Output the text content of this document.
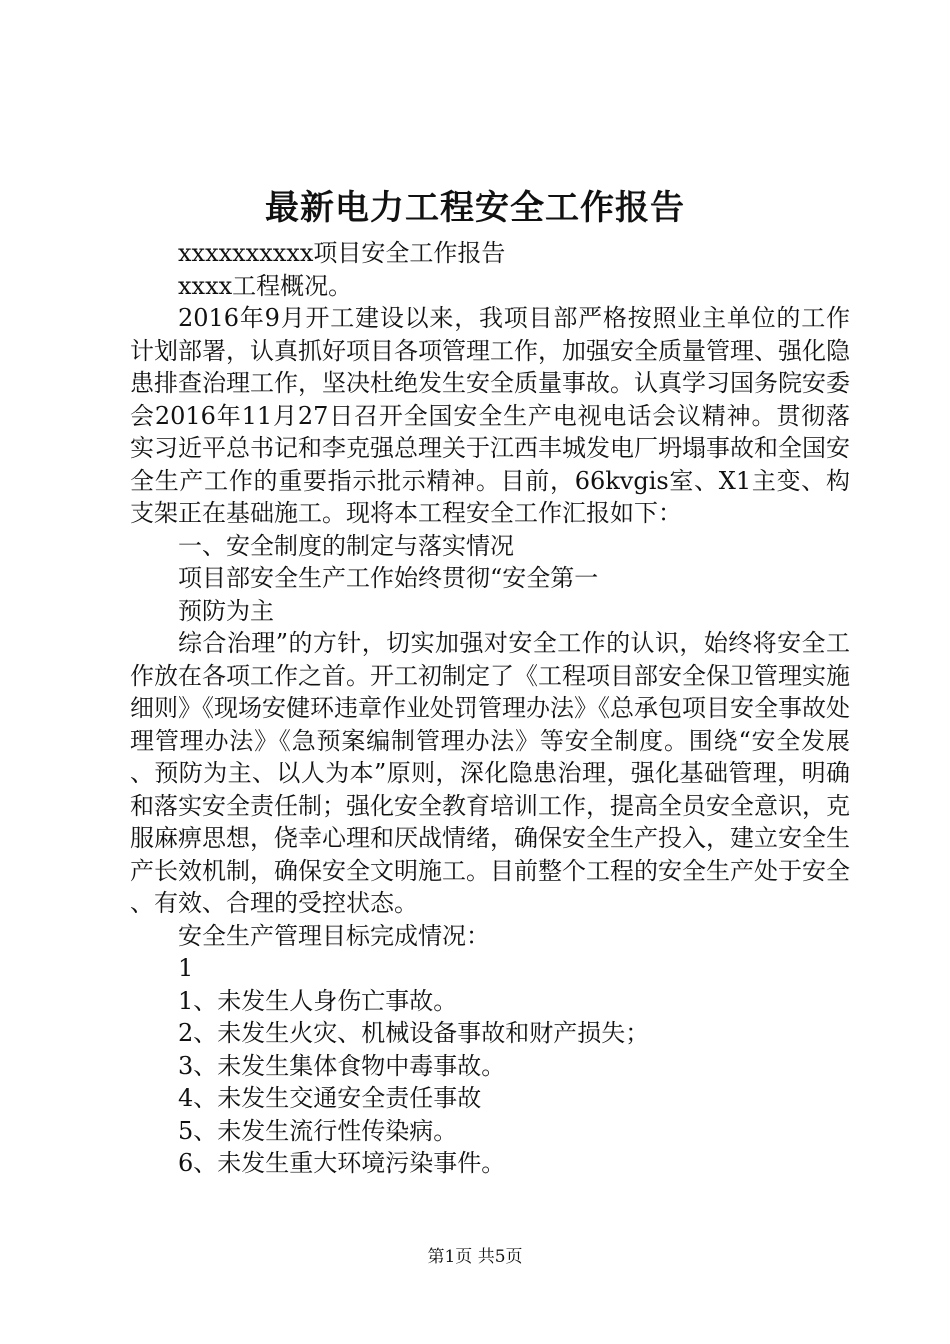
最新电力工程安全工作报告

xxxxxxxxxx项目安全工作报告

xxxx工程概况。

2016年9月开工建设以来，我项目部严格按照业主单位的工作计划部署，认真抓好项目各项管理工作，加强安全质量管理、强化隐患排查治理工作，坚决杜绝发生安全质量事故。认真学习国务院安委会2016年11月27日召开全国安全生产电视电话会议精神。贯彻落实习近平总书记和李克强总理关于江西丰城发电厂坍塌事故和全国安全生产工作的重要指示批示精神。目前，66kvgis室、X1主变、构支架正在基础施工。现将本工程安全工作汇报如下：

一、安全制度的制定与落实情况

项目部安全生产工作始终贯彻“安全第一

预防为主

综合治理”的方针，切实加强对安全工作的认识，始终将安全工作放在各项工作之首。开工初制定了《工程项目部安全保卫管理实施细则》《现场安健环违章作业处罚管理办法》《总承包项目安全事故处理管理办法》《急预案编制管理办法》等安全制度。围绕“安全发展、预防为主、以人为本”原则，深化隐患治理，强化基础管理，明确和落实安全责任制；强化安全教育培训工作，提高全员安全意识，克服麻痹思想，侥幸心理和厌战情绪，确保安全生产投入，建立安全生产长效机制，确保安全文明施工。目前整个工程的安全生产处于安全、有效、合理的受控状态。

安全生产管理目标完成情况：

1

1、未发生人身伤亡事故。

2、未发生火灾、机械设备事故和财产损失；

3、未发生集体食物中毒事故。

4、未发生交通安全责任事故

5、未发生流行性传染病。

6、未发生重大环境污染事件。

第1页 共5页
